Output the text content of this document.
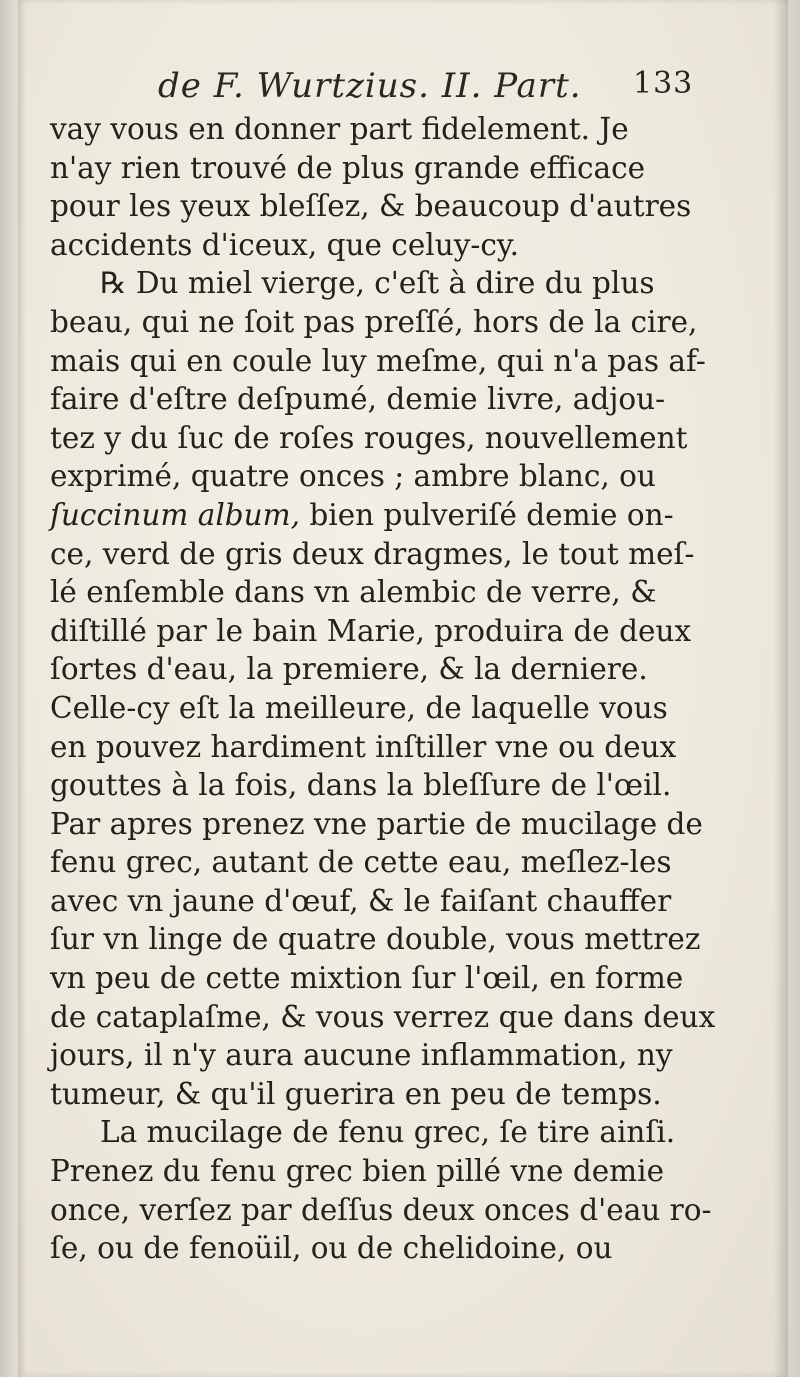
de F. Wurtzius. II. Part. 133
vay vous en donner part fidelement. Je
n'ay rien trouvé de plus grande efficace
pour les yeux bleſſez, & beaucoup d'autres
accidents d'iceux, que celuy-cy.
℞ Du miel vierge, c'eſt à dire du plus
beau, qui ne ſoit pas preſſé, hors de la cire,
mais qui en coule luy meſme, qui n'a pas af-
faire d'eſtre deſpumé, demie livre, adjou-
tez y du ſuc de roſes rouges, nouvellement
exprimé, quatre onces ; ambre blanc, ou
ſuccinum album, bien pulveriſé demie on-
ce, verd de gris deux dragmes, le tout meſ-
lé enſemble dans vn alembic de verre, &
diſtillé par le bain Marie, produira de deux
ſortes d'eau, la premiere, & la derniere.
Celle-cy eſt la meilleure, de laquelle vous
en pouvez hardiment inſtiller vne ou deux
gouttes à la fois, dans la bleſſure de l'œil.
Par apres prenez vne partie de mucilage de
fenu grec, autant de cette eau, meſlez-les
avec vn jaune d'œuf, & le faiſant chauffer
ſur vn linge de quatre double, vous mettrez
vn peu de cette mixtion ſur l'œil, en forme
de cataplaſme, & vous verrez que dans deux
jours, il n'y aura aucune inflammation, ny
tumeur, & qu'il guerira en peu de temps.
La mucilage de fenu grec, ſe tire ainſi.
Prenez du fenu grec bien pillé vne demie
once, verſez par deſſus deux onces d'eau ro-
ſe, ou de fenoüil, ou de chelidoine, ou
